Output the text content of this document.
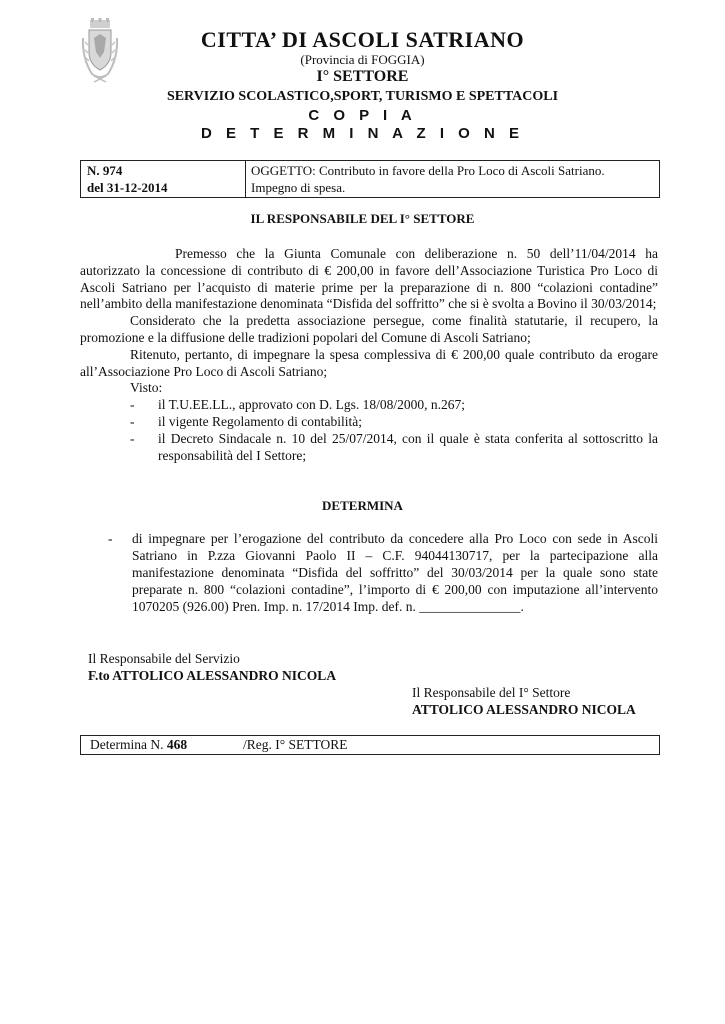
CITTA’ DI ASCOLI SATRIANO
(Provincia di FOGGIA)
I° SETTORE
SERVIZIO SCOLASTICO,SPORT, TURISMO E SPETTACOLI
C O P I A
D E T E R M I N A Z I O N E
N. 974
del 31-12-2014
OGGETTO: Contributo in favore della Pro Loco di Ascoli Satriano.
Impegno di spesa.
IL RESPONSABILE DEL I° SETTORE

Premesso che la Giunta Comunale con deliberazione n. 50 dell’11/04/2014 ha autorizzato la concessione di contributo di € 200,00 in favore dell’Associazione Turistica Pro Loco di Ascoli Satriano per l’acquisto di materie prime per la preparazione di n. 800 “colazioni contadine” nell’ambito della manifestazione denominata “Disfida del soffritto” che si è svolta a Bovino il 30/03/2014;

Considerato che la predetta associazione persegue, come finalità statutarie, il recupero, la promozione e la diffusione delle tradizioni popolari del Comune di Ascoli Satriano;

Ritenuto, pertanto, di impegnare la spesa complessiva di € 200,00 quale contributo da erogare all’Associazione Pro Loco di Ascoli Satriano;

Visto:

- il T.U.EE.LL., approvato con D. Lgs. 18/08/2000, n.267;
- il vigente Regolamento di contabilità;
- il Decreto Sindacale n. 10 del 25/07/2014, con il quale è stata conferita al sottoscritto la responsabilità del I Settore;
DETERMINA
- di impegnare per l’erogazione del contributo da concedere alla Pro Loco con sede in Ascoli Satriano in P.zza Giovanni Paolo II – C.F. 94044130717, per la partecipazione alla manifestazione denominata “Disfida del soffritto” del 30/03/2014 per la quale sono state preparate n. 800 “colazioni contadine”, l’importo di € 200,00 con imputazione all’intervento 1070205 (926.00) Pren. Imp. n. 17/2014 Imp. def. n. _______________.
Il Responsabile del Servizio
F.to ATTOLICO ALESSANDRO NICOLA
Il Responsabile del I° Settore
ATTOLICO ALESSANDRO NICOLA
Determina N. 468	/Reg. I° SETTORE
